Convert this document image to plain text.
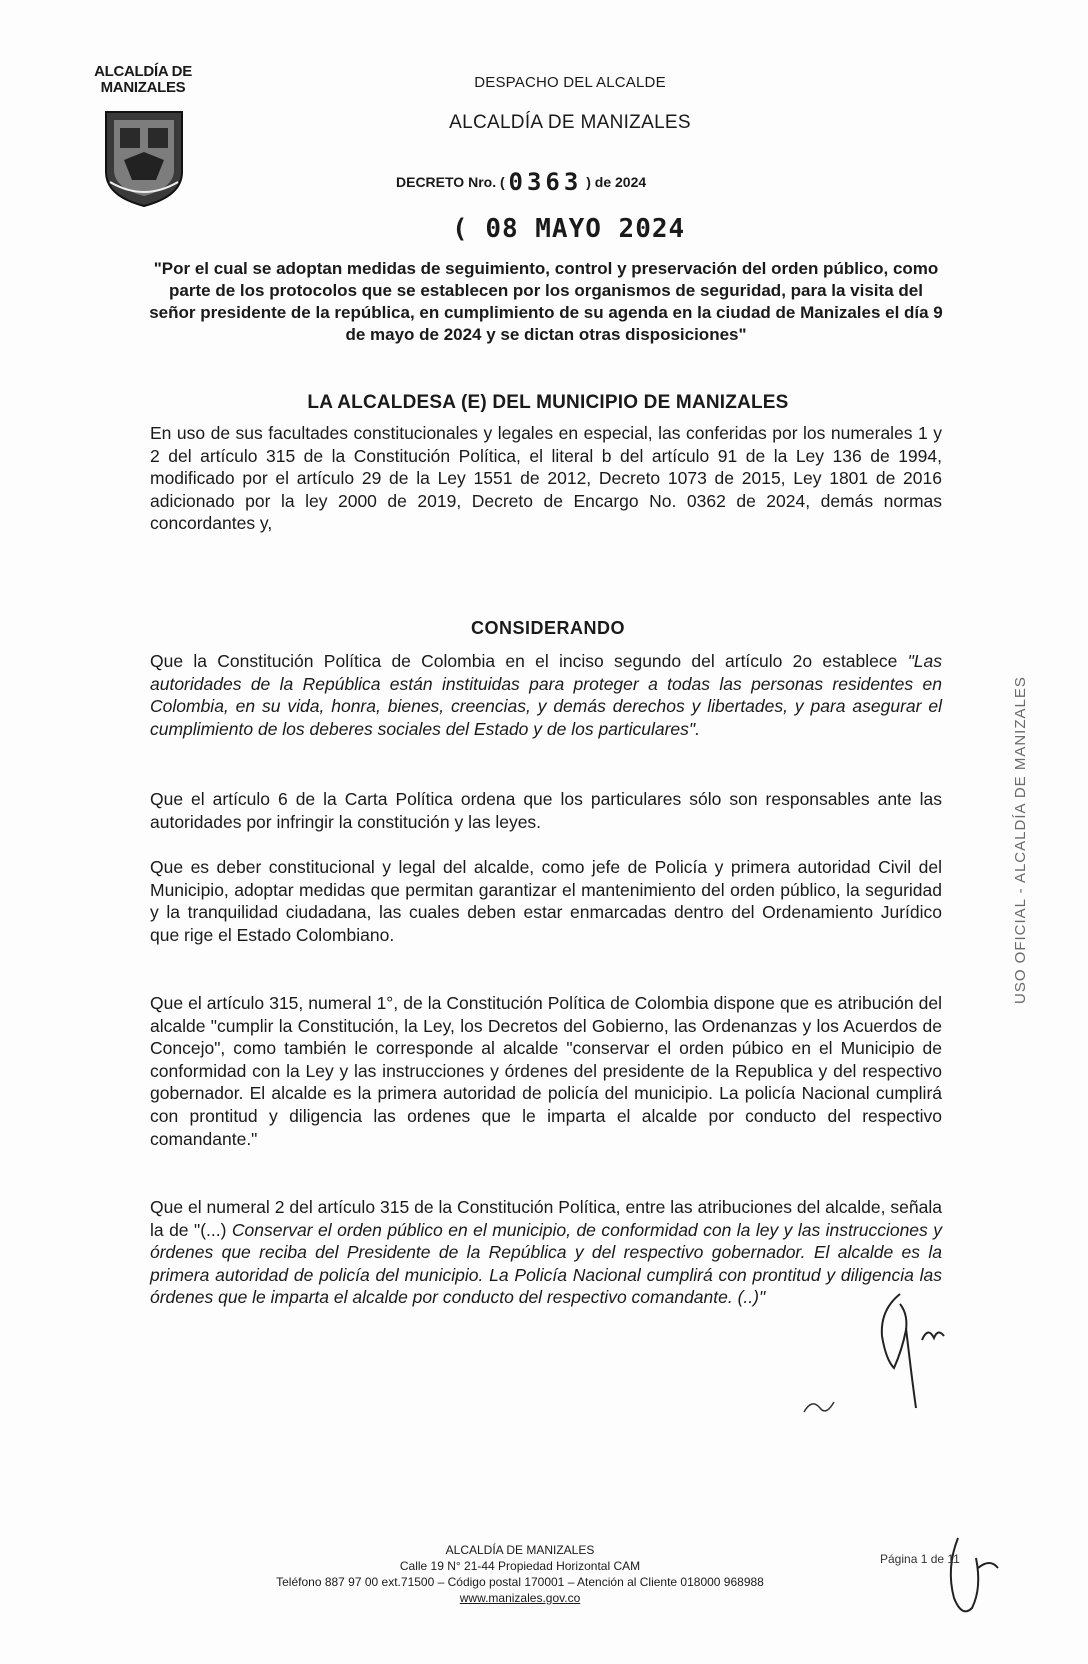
ALCALDÍA DE
MANIZALES	DESPACHO DEL ALCALDE
ALCALDÍA DE MANIZALES
DECRETO Nro. ( 0363 ) de 2024
( 08 MAYO 2024
"Por el cual se adoptan medidas de seguimiento, control y preservación del orden público, como parte de los protocolos que se establecen por los organismos de seguridad, para la visita del señor presidente de la república, en cumplimiento de su agenda en la ciudad de Manizales el día 9 de mayo de 2024 y se dictan otras disposiciones"
LA ALCALDESA (E) DEL MUNICIPIO DE MANIZALES
En uso de sus facultades constitucionales y legales en especial, las conferidas por los numerales 1 y 2 del artículo 315 de la Constitución Política, el literal b del artículo 91 de la Ley 136 de 1994, modificado por el artículo 29 de la Ley 1551 de 2012, Decreto 1073 de 2015, Ley 1801 de 2016 adicionado por la ley 2000 de 2019, Decreto de Encargo No. 0362 de 2024, demás normas concordantes y,
CONSIDERANDO
Que la Constitución Política de Colombia en el inciso segundo del artículo 2o establece "Las autoridades de la República están instituidas para proteger a todas las personas residentes en Colombia, en su vida, honra, bienes, creencias, y demás derechos y libertades, y para asegurar el cumplimiento de los deberes sociales del Estado y de los particulares".
Que el artículo 6 de la Carta Política ordena que los particulares sólo son responsables ante las autoridades por infringir la constitución y las leyes.
Que es deber constitucional y legal del alcalde, como jefe de Policía y primera autoridad Civil del Municipio, adoptar medidas que permitan garantizar el mantenimiento del orden público, la seguridad y la tranquilidad ciudadana, las cuales deben estar enmarcadas dentro del Ordenamiento Jurídico que rige el Estado Colombiano.
Que el artículo 315, numeral 1°, de la Constitución Política de Colombia dispone que es atribución del alcalde "cumplir la Constitución, la Ley, los Decretos del Gobierno, las Ordenanzas y los Acuerdos de Concejo", como también le corresponde al alcalde "conservar el orden púbico en el Municipio de conformidad con la Ley y las instrucciones y órdenes del presidente de la Republica y del respectivo gobernador. El alcalde es la primera autoridad de policía del municipio. La policía Nacional cumplirá con prontitud y diligencia las ordenes que le imparta el alcalde por conducto del respectivo comandante."
Que el numeral 2 del artículo 315 de la Constitución Política, entre las atribuciones del alcalde, señala la de "(...) Conservar el orden público en el municipio, de conformidad con la ley y las instrucciones y órdenes que reciba del Presidente de la República y del respectivo gobernador. El alcalde es la primera autoridad de policía del municipio. La Policía Nacional cumplirá con prontitud y diligencia las órdenes que le imparta el alcalde por conducto del respectivo comandante. (..)"
USO OFICIAL - ALCALDÍA DE MANIZALES
ALCALDÍA DE MANIZALES
Calle 19 N° 21-44 Propiedad Horizontal CAM
Teléfono 887 97 00 ext.71500 – Código postal 170001 – Atención al Cliente 018000 968988
www.manizales.gov.co
Página 1 de 11
